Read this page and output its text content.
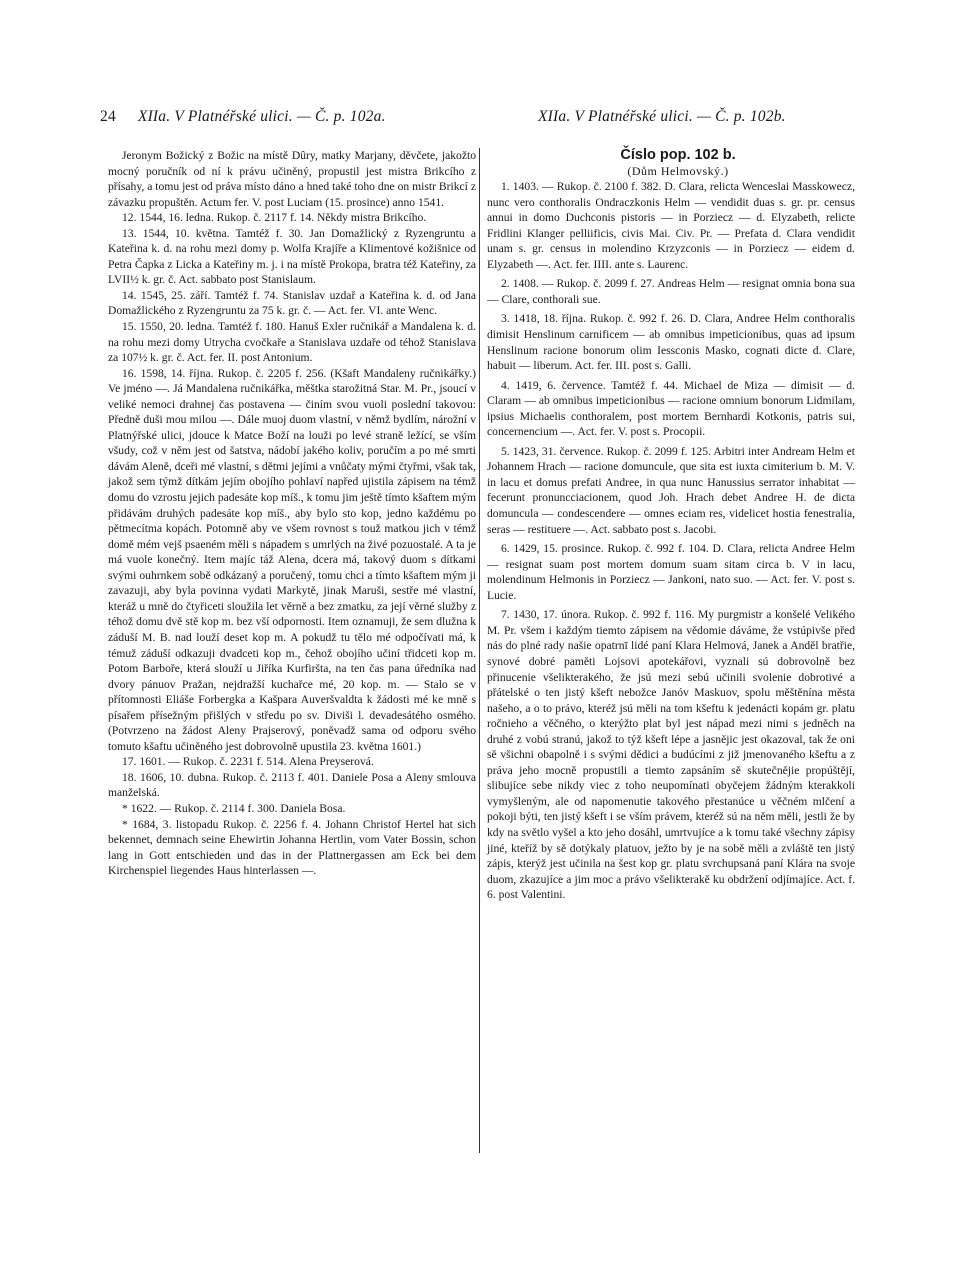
24 XIIa. V Platnéřské ulici. — Č. p. 102a.	XIIa. V Platnéřské ulici. — Č. p. 102b.

Jeronym Božický z Božic na místě Dûry, matky Marjany, děvčete, jakožto mocný poručník od ní k právu učiněný, propustil jest mistra Brikcího z přísahy, a tomu jest od práva místo dáno a hned také toho dne on mistr Brikcí z závazku propuštěn. Actum fer. V. post Luciam (15. prosince) anno 1541.

12. 1544, 16. ledna. Rukop. č. 2117 f. 14. Někdy mistra Brikcího.

13. 1544, 10. května. Tamtéž f. 30. Jan Domažlický z Ryzengruntu a Kateřina k. d. na rohu mezi domy p. Wolfa Krajíře a Klimentové kožišnice od Petra Čapka z Licka a Kateřiny m. j. i na místě Prokopa, bratra též Kateřiny, za LVII½ k. gr. č. Act. sabbato post Stanislaum.

14. 1545, 25. září. Tamtéž f. 74. Stanislav uzdař a Kateřina k. d. od Jana Domažlického z Ryzengruntu za 75 k. gr. č. — Act. fer. VI. ante Wenc.

15. 1550, 20. ledna. Tamtéž f. 180. Hanuš Exler ručnikář a Mandalena k. d. na rohu mezi domy Utrycha cvočkaře a Stanislava uzdaře od téhož Stanislava za 107½ k. gr. č. Act. fer. II. post Antonium.

16. 1598, 14. října. Rukop. č. 2205 f. 256. (Kšaft Mandaleny ručnikářky.) Ve jméno —. Já Mandalena ručnikářka, měštka starožitná Star. M. Pr., jsoucí v veliké nemoci drahnej čas postavena — činím svou vuoli poslední takovou: Předně duši mou milou —. Dále muoj duom vlastní, v němž bydlím, nárožní v Platnýřské ulici, jdouce k Matce Boží na louži po levé straně ležící, se vším všudy, což v něm jest od šatstva, nádobí jakého koliv, poručím a po mé smrti dávám Aleně, dceři mé vlastní, s dětmi jejími a vnůčaty mými čtyřmi, však tak, jakož sem týmž dítkám jejím obojího pohlaví napřed ujistila zápisem na témž domu do vzrostu jejich padesáte kop míš., k tomu jim ještě tímto kšaftem mým přidávám druhých padesáte kop míš., aby bylo sto kop, jedno každému po pětmecítma kopách. Potomně aby ve všem rovnost s touž matkou jich v témž domě mém vejš psaeném měli s nápadem s umrlých na živé pozuostalé. A ta je má vuole konečný. Item majíc táž Alena, dcera má, takový duom s dítkami svými ouhrnkem sobě odkázaný a poručený, tomu chci a tímto kšaftem mým ji zavazuji, aby byla povinna vydati Markytě, jinak Maruši, sestře mé vlastní, kteráž u mně do čtyřiceti sloužila let věrně a bez zmatku, za její věrné služby z téhož domu dvě stě kop m. bez vší odpornosti. Item oznamuji, že sem dlužna k záduší M. B. nad louží deset kop m. A pokudž tu tělo mé odpočívati má, k témuž záduší odkazuji dvadceti kop m., čehož obojího učiní třidceti kop m. Potom Barboře, která slouží u Jiříka Kurfiršta, na ten čas pana úředníka nad dvory pánuov Pražan, nejdražší kuchařce mé, 20 kop. m. — Stalo se v přítomnosti Eliáše Forbergka a Kašpara Auveršvaldta k žádosti mé ke mně s písařem přísežným přišlých v středu po sv. Diviši l. devadesátého osmého. (Potvrzeno na žádost Aleny Prajserový, poněvadž sama od odporu svého tomuto kšaftu učiněného jest dobrovolně upustila 23. května 1601.)

17. 1601. — Rukop. č. 2231 f. 514. Alena Preyserová.

18. 1606, 10. dubna. Rukop. č. 2113 f. 401. Daniele Posa a Aleny smlouva manželská.

* 1622. — Rukop. č. 2114 f. 300. Daniela Bosa.

* 1684, 3. listopadu Rukop. č. 2256 f. 4. Johann Christof Hertel hat sich bekennet, demnach seine Ehewirtin Johanna Hertlin, vom Vater Bossin, schon lang in Gott entschieden und das in der Plattnergassen am Eck bei dem Kirchenspiel liegendes Haus hinterlassen —.

Číslo pop. 102 b.

(Dům Helmovský.)

1. 1403. — Rukop. č. 2100 f. 382. D. Clara, relicta Wenceslai Masskowecz, nunc vero conthoralis Ondraczkonis Helm — vendidit duas s. gr. pr. census annui in domo Duchconis pistoris — in Porziecz — d. Elyzabeth, relicte Fridlini Klanger pelliificis, civis Mai. Civ. Pr. — Prefata d. Clara vendidit unam s. gr. census in molendino Krzyzconis — in Porziecz — eidem d. Elyzabeth —. Act. fer. IIII. ante s. Laurenc.

2. 1408. — Rukop. č. 2099 f. 27. Andreas Helm — resignat omnia bona sua — Clare, conthorali sue.

3. 1418, 18. října. Rukop. č. 992 f. 26. D. Clara, Andree Helm conthoralis dimisit Henslinum carnificem — ab omnibus impeticionibus, quas ad ipsum Henslinum racione bonorum olim Iessconis Masko, cognati dicte d. Clare, habuit — liberum. Act. fer. III. post s. Galli.

4. 1419, 6. července. Tamtéž f. 44. Michael de Miza — dimisit — d. Claram — ab omnibus impeticionibus — racione omnium bonorum Lidmilam, ipsius Michaelis conthoralem, post mortem Bernhardi Kotkonis, patris sui, concernencium —. Act. fer. V. post s. Procopii.

5. 1423, 31. července. Rukop. č. 2099 f. 125. Arbitri inter Andream Helm et Johannem Hrach — racione domuncule, que sita est iuxta cimiterium b. M. V. in lacu et domus prefati Andree, in qua nunc Hanussius serrator inhabitat — fecerunt pronuncciacionem, quod Joh. Hrach debet Andree H. de dicta domuncula — condescendere — omnes eciam res, videlicet hostia fenestralia, seras — restituere —. Act. sabbato post s. Jacobi.

6. 1429, 15. prosince. Rukop. č. 992 f. 104. D. Clara, relicta Andree Helm — resignat suam post mortem domum suam sitam circa b. V in lacu, molendinum Helmonis in Porziecz — Jankoni, nato suo. — Act. fer. V. post s. Lucie.

7. 1430, 17. února. Rukop. č. 992 f. 116. My purgmistr a konšelé Velikého M. Pr. všem i každým tiemto zápisem na vědomie dáváme, že vstúpivše před nás do plné rady našie opatrnī lidé paní Klara Helmová, Janek a Anděl bratřie, synové dobré paměti Lojsovi apotekářovi, vyznali sú dobrovolně bez přinucenie všelikterakého, že jsú mezi sebú učinili svolenie dobrotivé a přátelské o ten jistý kšeft nebožce Janóv Maskuov, spolu měštěnína města našeho, a o to právo, kteréž jsú měli na tom kšeftu k jedenácti kopám gr. platu ročnieho a věčného, o kterýžto plat byl jest nápad mezi nimi s jedněch na druhé z vobú stranú, jakož to týž kšeft lépe a jasnějic jest okazoval, tak že oni sě všichni obapolně i s svými dědici a budúcími z již jmenovaného kšeftu a z práva jeho mocně propustili a tiemto zapsáním sě skutečnějie propúštějí, slibujíce sebe nikdy viec z toho neupomínati obyčejem žádným kterakkoli vymyšleným, ale od napomenutie takového přestanúce u věčném mlčení a pokoji býti, ten jistý kšeft i se vším právem, kteréž sú na něm měli, jestli že by kdy na světlo vyšel a kto jeho dosáhl, umrtvujíce a k tomu také všechny zápisy jiné, kteříž by sě dotýkaly platuov, ježto by je na sobě měli a zvláště ten jistý zápis, kterýž jest učinila na šest kop gr. platu svrchupsaná paní Klára na svoje duom, zkazujíce a jim moc a právo všelikterakě ku obdržení odjímajíce. Act. f. 6. post Valentini.
